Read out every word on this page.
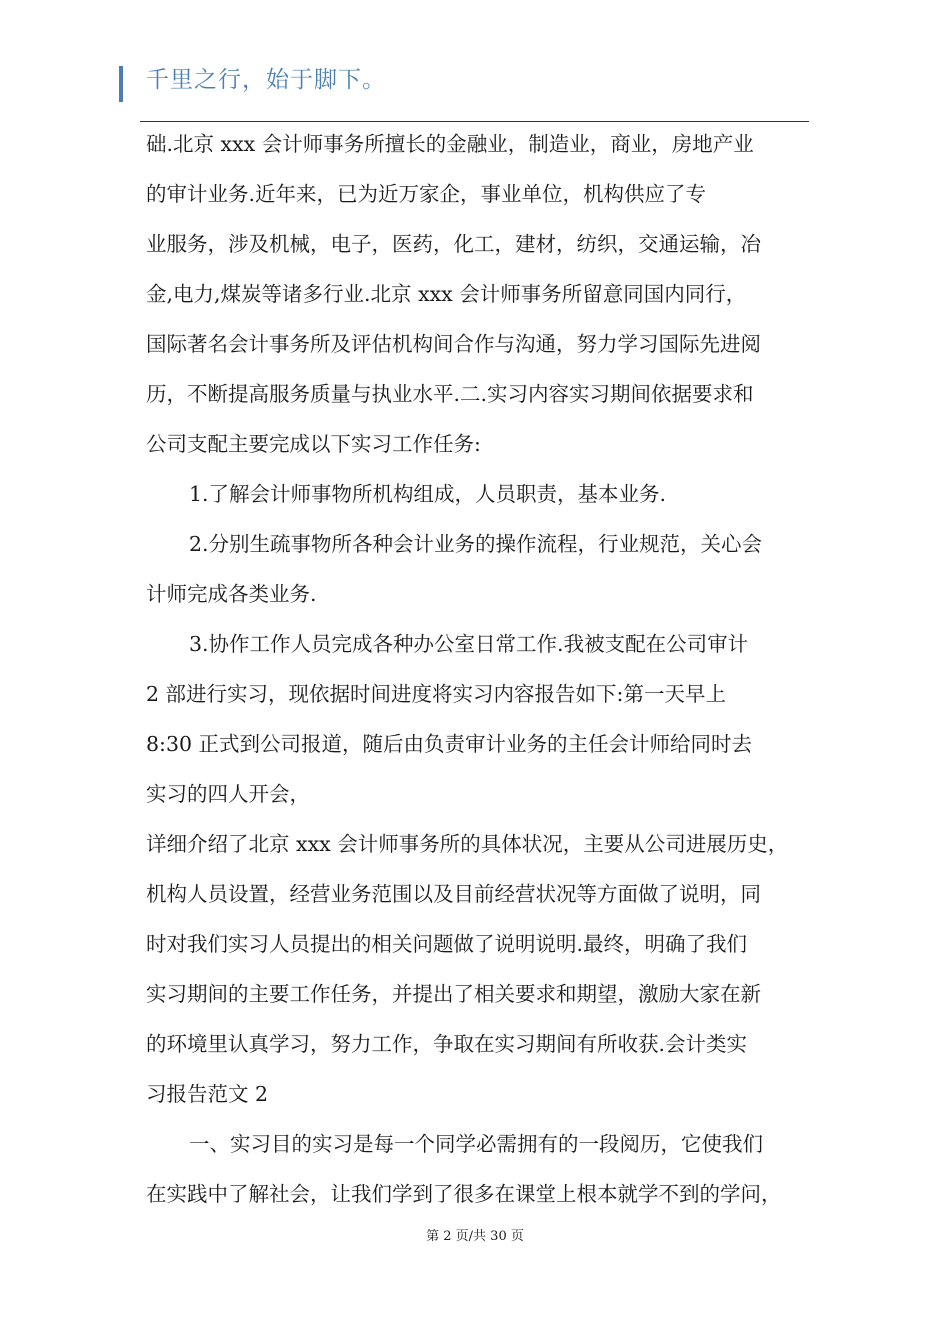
千里之行，始于脚下。
础.北京 xxx 会计师事务所擅长的金融业，制造业，商业，房地产业
的审计业务.近年来，已为近万家企，事业单位，机构供应了专
业服务，涉及机械，电子，医药，化工，建材，纺织，交通运输，冶
金,电力,煤炭等诸多行业.北京 xxx 会计师事务所留意同国内同行，
国际著名会计事务所及评估机构间合作与沟通，努力学习国际先进阅
历，不断提高服务质量与执业水平.二.实习内容实习期间依据要求和
公司支配主要完成以下实习工作任务:
1.了解会计师事物所机构组成，人员职责，基本业务.
2.分别生疏事物所各种会计业务的操作流程，行业规范，关心会
计师完成各类业务.
3.协作工作人员完成各种办公室日常工作.我被支配在公司审计
2 部进行实习，现依据时间进度将实习内容报告如下:第一天早上
8:30 正式到公司报道，随后由负责审计业务的主任会计师给同时去
实习的四人开会，
详细介绍了北京 xxx 会计师事务所的具体状况，主要从公司进展历史，
机构人员设置，经营业务范围以及目前经营状况等方面做了说明，同
时对我们实习人员提出的相关问题做了说明说明.最终，明确了我们
实习期间的主要工作任务，并提出了相关要求和期望，激励大家在新
的环境里认真学习，努力工作，争取在实习期间有所收获.会计类实
习报告范文 2
一、实习目的实习是每一个同学必需拥有的一段阅历，它使我们
在实践中了解社会，让我们学到了很多在课堂上根本就学不到的学问，
第 2 页/共 30 页
